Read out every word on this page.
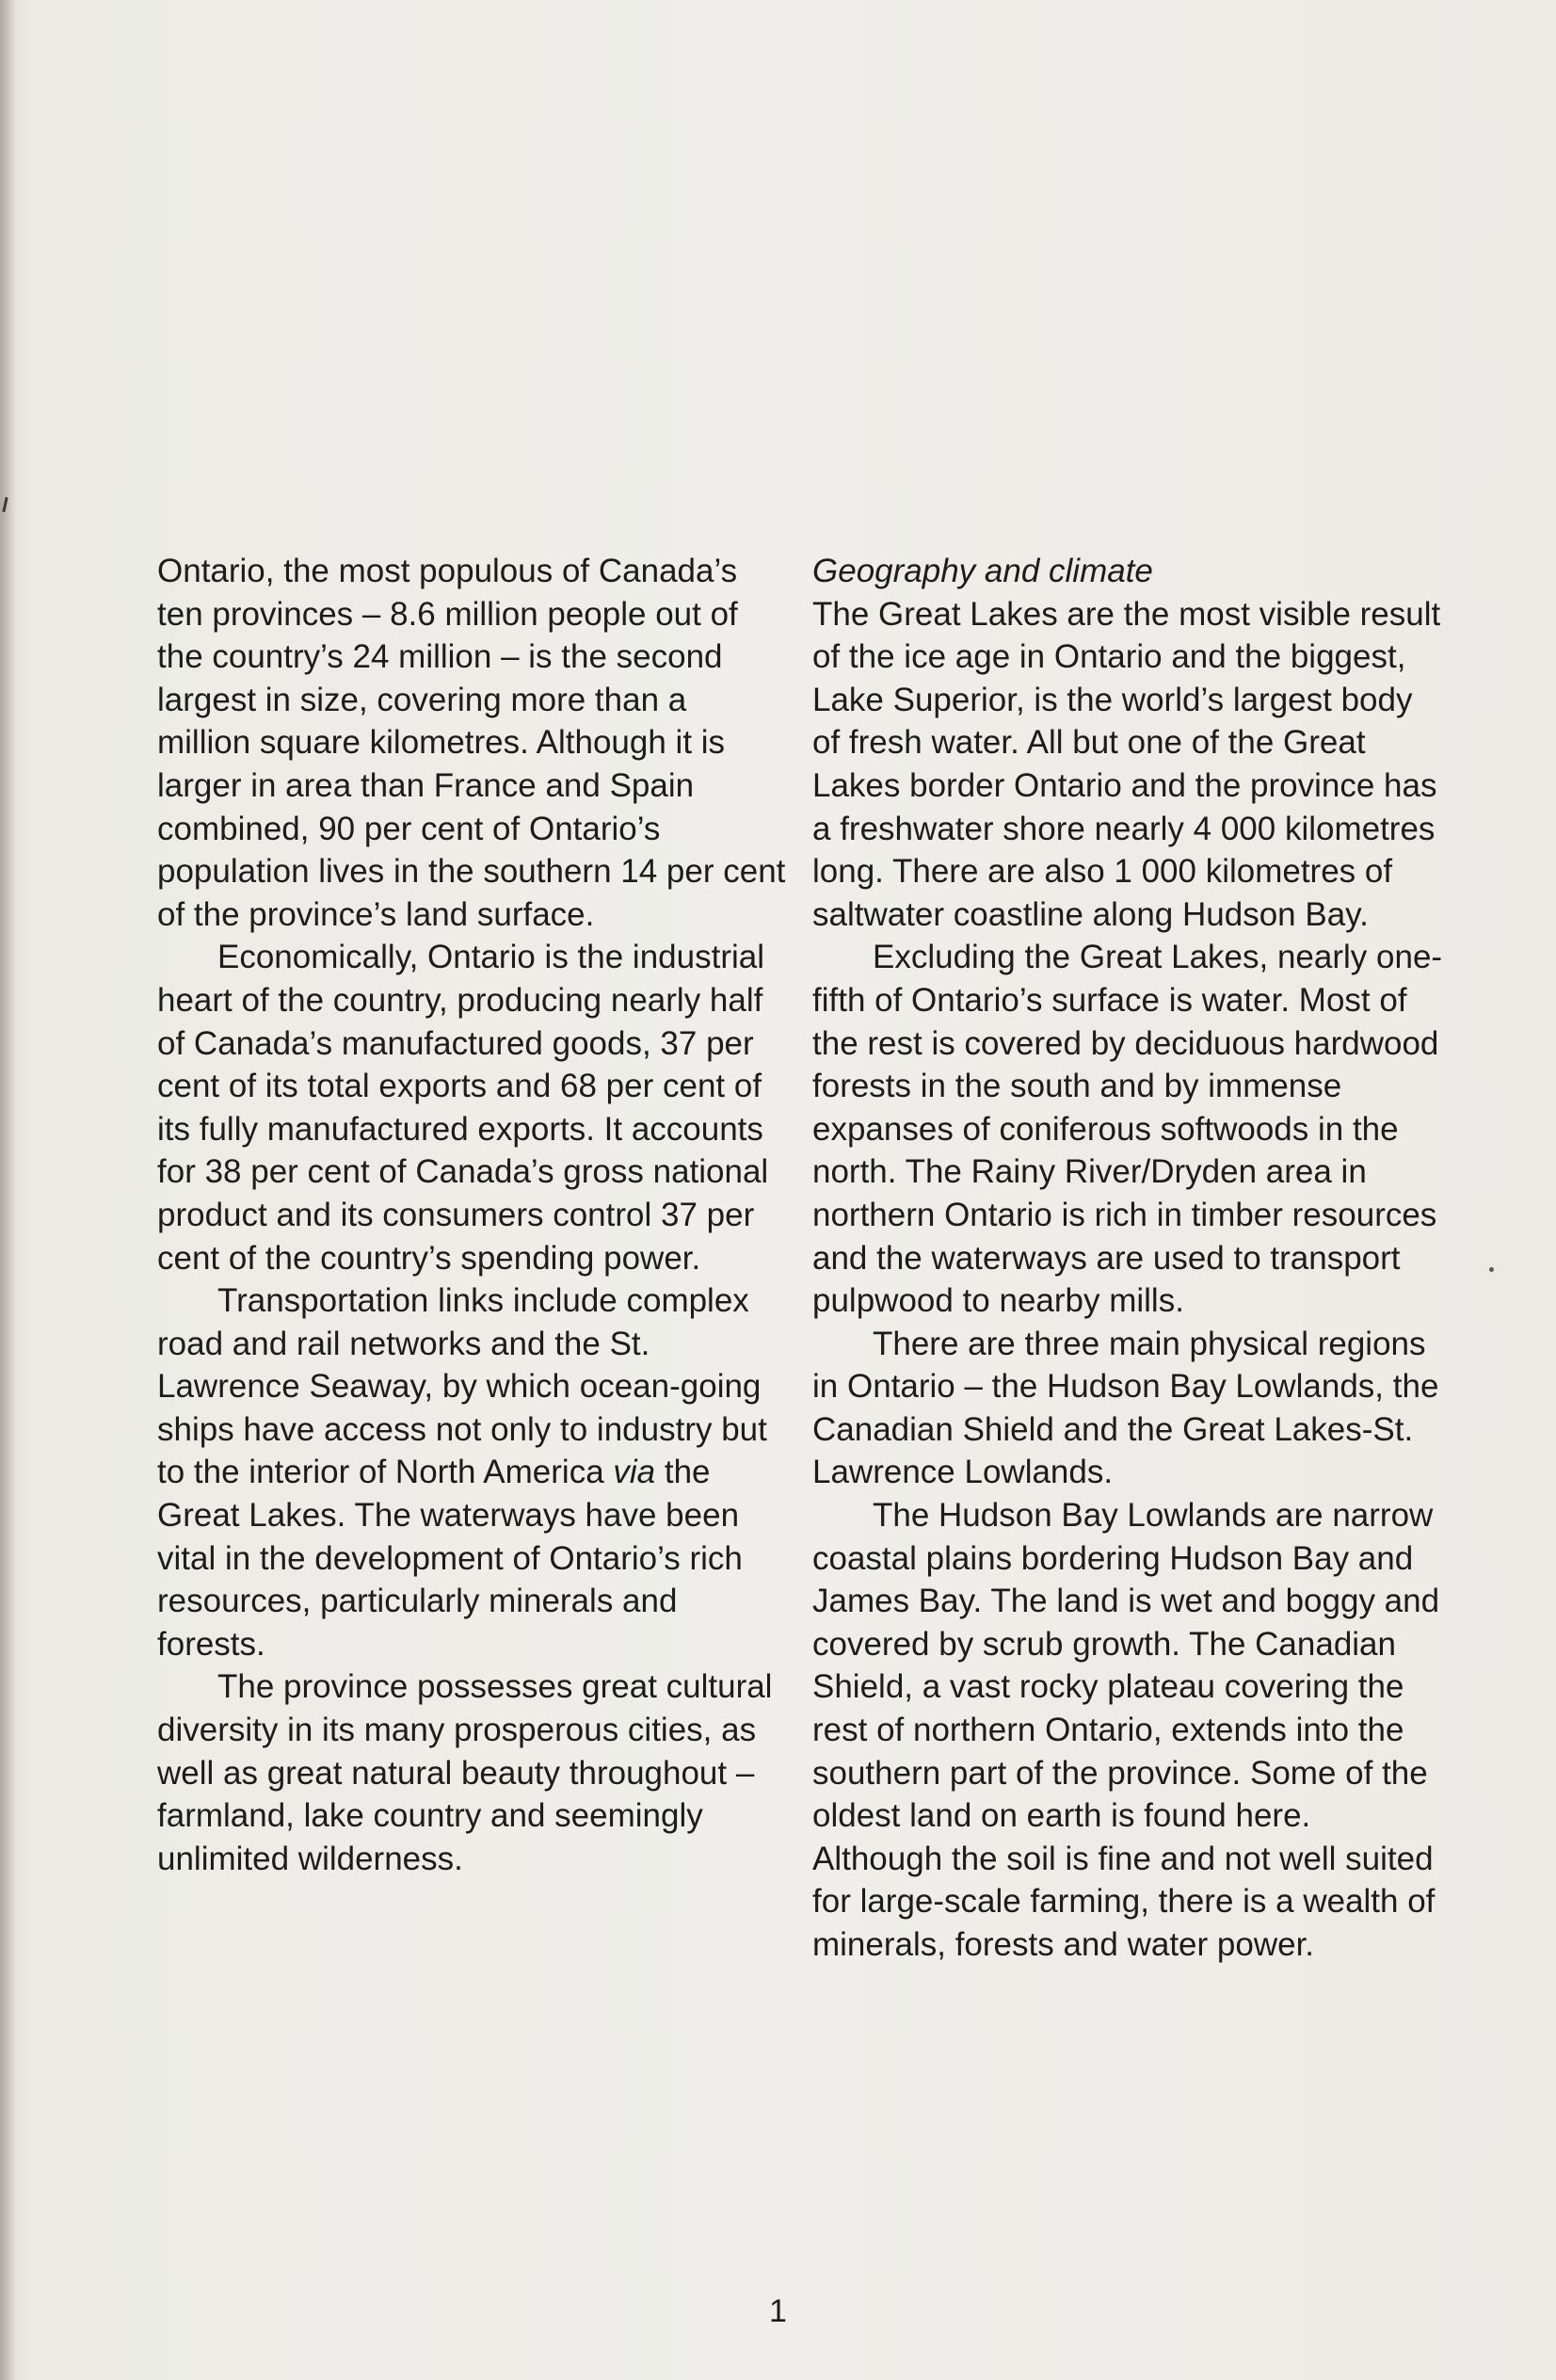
Ontario, the most populous of Canada’s ten provinces – 8.6 million people out of the country’s 24 million – is the second largest in size, covering more than a million square kilometres. Although it is larger in area than France and Spain combined, 90 per cent of Ontario’s population lives in the southern 14 per cent of the province’s land surface.

Economically, Ontario is the industrial heart of the country, producing nearly half of Canada’s manufactured goods, 37 per cent of its total exports and 68 per cent of its fully manufactured exports. It accounts for 38 per cent of Canada’s gross national product and its consumers control 37 per cent of the country’s spending power.

Transportation links include complex road and rail networks and the St. Lawrence Seaway, by which ocean-going ships have access not only to industry but to the interior of North America via the Great Lakes. The waterways have been vital in the development of Ontario’s rich resources, particularly minerals and forests.

The province possesses great cultural diversity in its many prosperous cities, as well as great natural beauty throughout – farmland, lake country and seemingly unlimited wilderness.

Geography and climate

The Great Lakes are the most visible result of the ice age in Ontario and the biggest, Lake Superior, is the world’s largest body of fresh water. All but one of the Great Lakes border Ontario and the province has a freshwater shore nearly 4 000 kilometres long. There are also 1 000 kilometres of saltwater coastline along Hudson Bay.

Excluding the Great Lakes, nearly one-fifth of Ontario’s surface is water. Most of the rest is covered by deciduous hardwood forests in the south and by immense expanses of coniferous softwoods in the north. The Rainy River/Dryden area in northern Ontario is rich in timber resources and the waterways are used to transport pulpwood to nearby mills.

There are three main physical regions in Ontario – the Hudson Bay Lowlands, the Canadian Shield and the Great Lakes-St. Lawrence Lowlands.

The Hudson Bay Lowlands are narrow coastal plains bordering Hudson Bay and James Bay. The land is wet and boggy and covered by scrub growth. The Canadian Shield, a vast rocky plateau covering the rest of northern Ontario, extends into the southern part of the province. Some of the oldest land on earth is found here. Although the soil is fine and not well suited for large-scale farming, there is a wealth of minerals, forests and water power.

1
